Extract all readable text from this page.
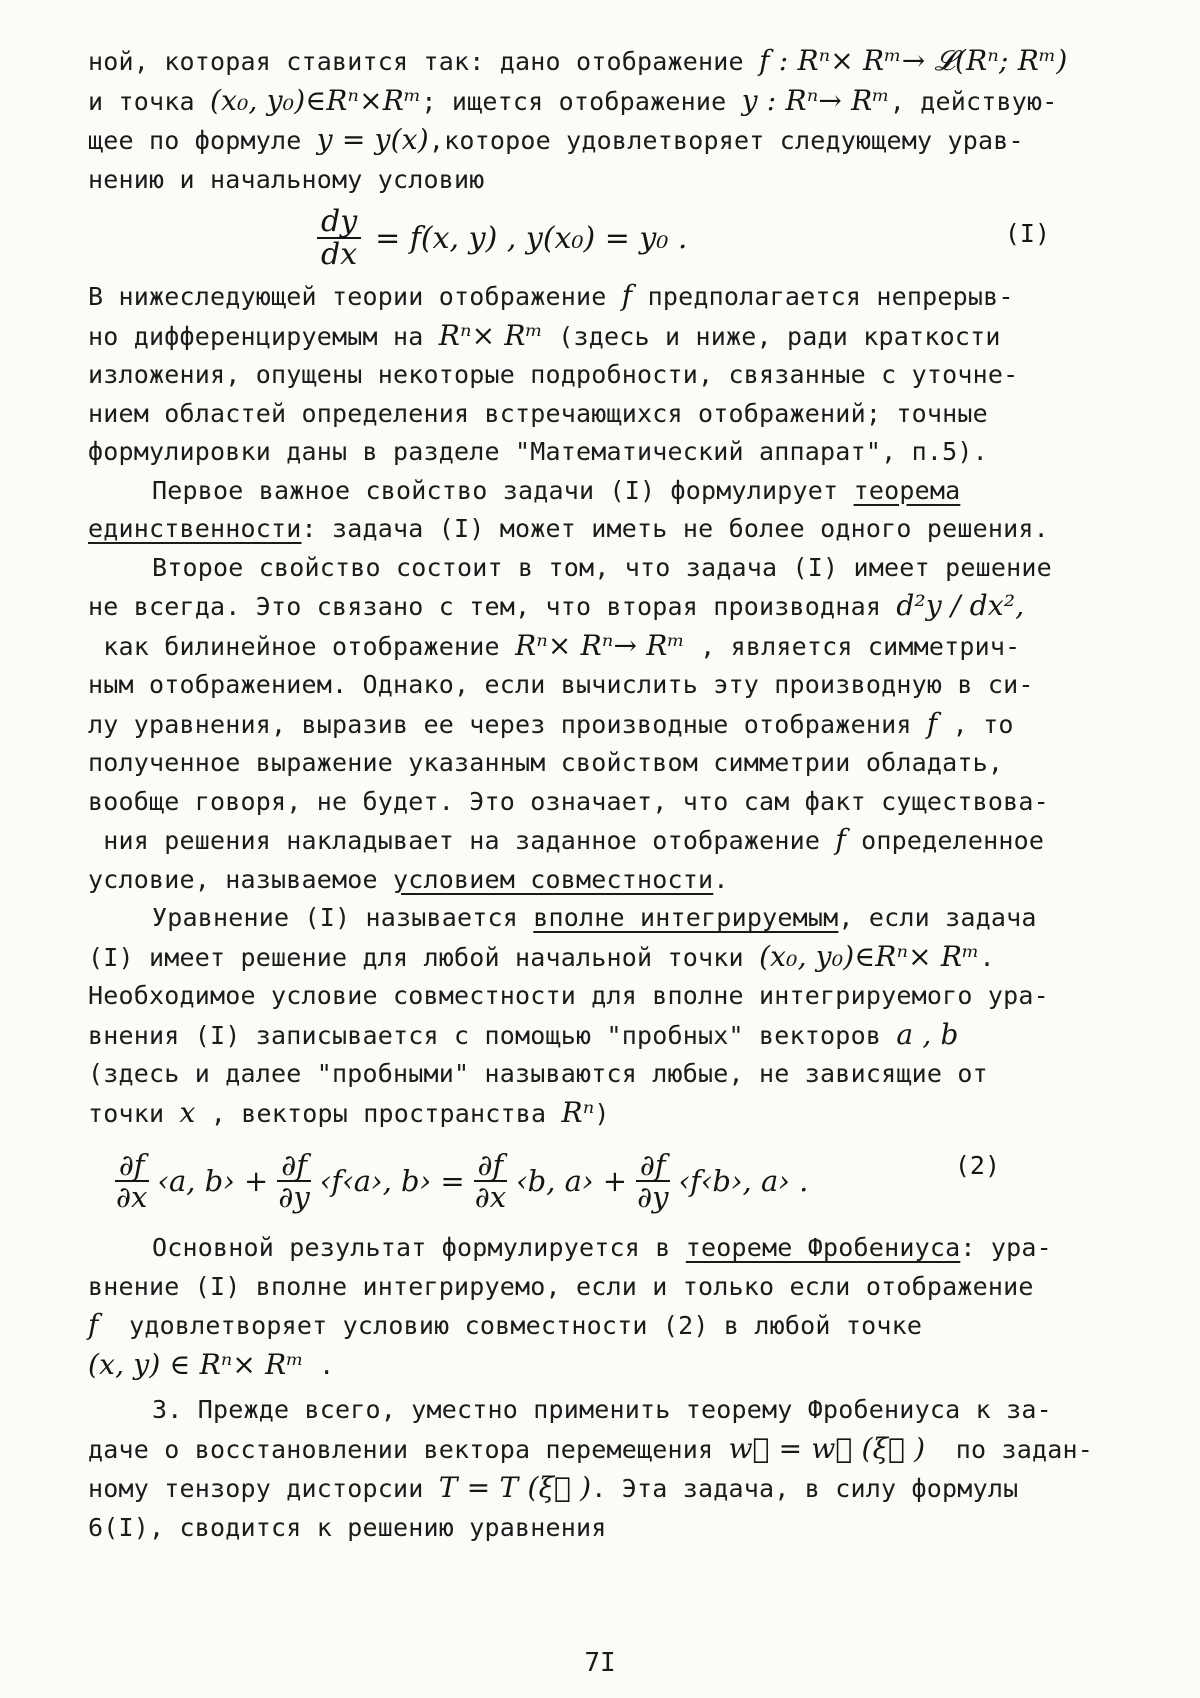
ной, которая ставится так: дано отображение f : Rⁿ× Rᵐ→ 𝓛(Rⁿ; Rᵐ)
и точка (x₀, y₀)∈Rⁿ×Rᵐ; ищется отображение y : Rⁿ→ Rᵐ, действую-
щее по формуле y = y(x),которое удовлетворяет следующему урав-
нению и начальному условию

$\frac{dy}{dx} = f(x$, y) , y(x₀) = y₀ .	(I)

В нижеследующей теории отображение f предполагается непрерыв-
но дифференцируемым на Rⁿ× Rᵐ (здесь и ниже, ради краткости
изложения, опущены некоторые подробности, связанные с уточне-
нием областей определения встречающихся отображений; точные
формулировки даны в разделе "Математический аппарат", п.5).

Первое важное свойство задачи (I) формулирует теорема
единственности: задача (I) может иметь не более одного решения.

Второе свойство состоит в том, что задача (I) имеет решение
не всегда. Это связано с тем, что вторая производная d²y / dx²,
как билинейное отображение Rⁿ× Rⁿ→ Rᵐ , является симметрич-
ным отображением. Однако, если вычислить эту производную в си-
лу уравнения, выразив ее через производные отображения f , то
полученное выражение указанным свойством симметрии обладать,
вообще говоря, не будет. Это означает, что сам факт существова-
ния решения накладывает на заданное отображение f определенное
условие, называемое условием совместности.

Уравнение (I) называется вполне интегрируемым, если задача
(I) имеет решение для любой начальной точки (x₀, y₀)∈Rⁿ× Rᵐ.
Необходимое условие совместности для вполне интегрируемого ура-
внения (I) записывается с помощью "пробных" векторов a , b
(здесь и далее "пробными" называются любые, не зависящие от
точки x , векторы пространства Rⁿ)

$\frac{\partial f}{\partial x}$ ‹a, b› + $\frac{\partial f}{\partial y}$ ‹f‹a›, b› = $\frac{\partial f}{\partial x}$ ‹b, a› + $\frac{\partial f}{\partial y}$ ‹f‹b›, a› .	(2)

Основной результат формулируется в теореме Фробениуса: ура-
внение (I) вполне интегрируемо, если и только если отображение
f  удовлетворяет условию совместности (2) в любой точке
(x, y) ∈ Rⁿ× Rᵐ .

3. Прежде всего, уместно применить теорему Фробениуса к за-
даче о восстановлении вектора перемещения w⃗ = w⃗ (ξ⃗ )  по задан-
ному тензору дисторсии T = T (ξ⃗ ). Эта задача, в силу формулы
6(I), сводится к решению уравнения

7I
